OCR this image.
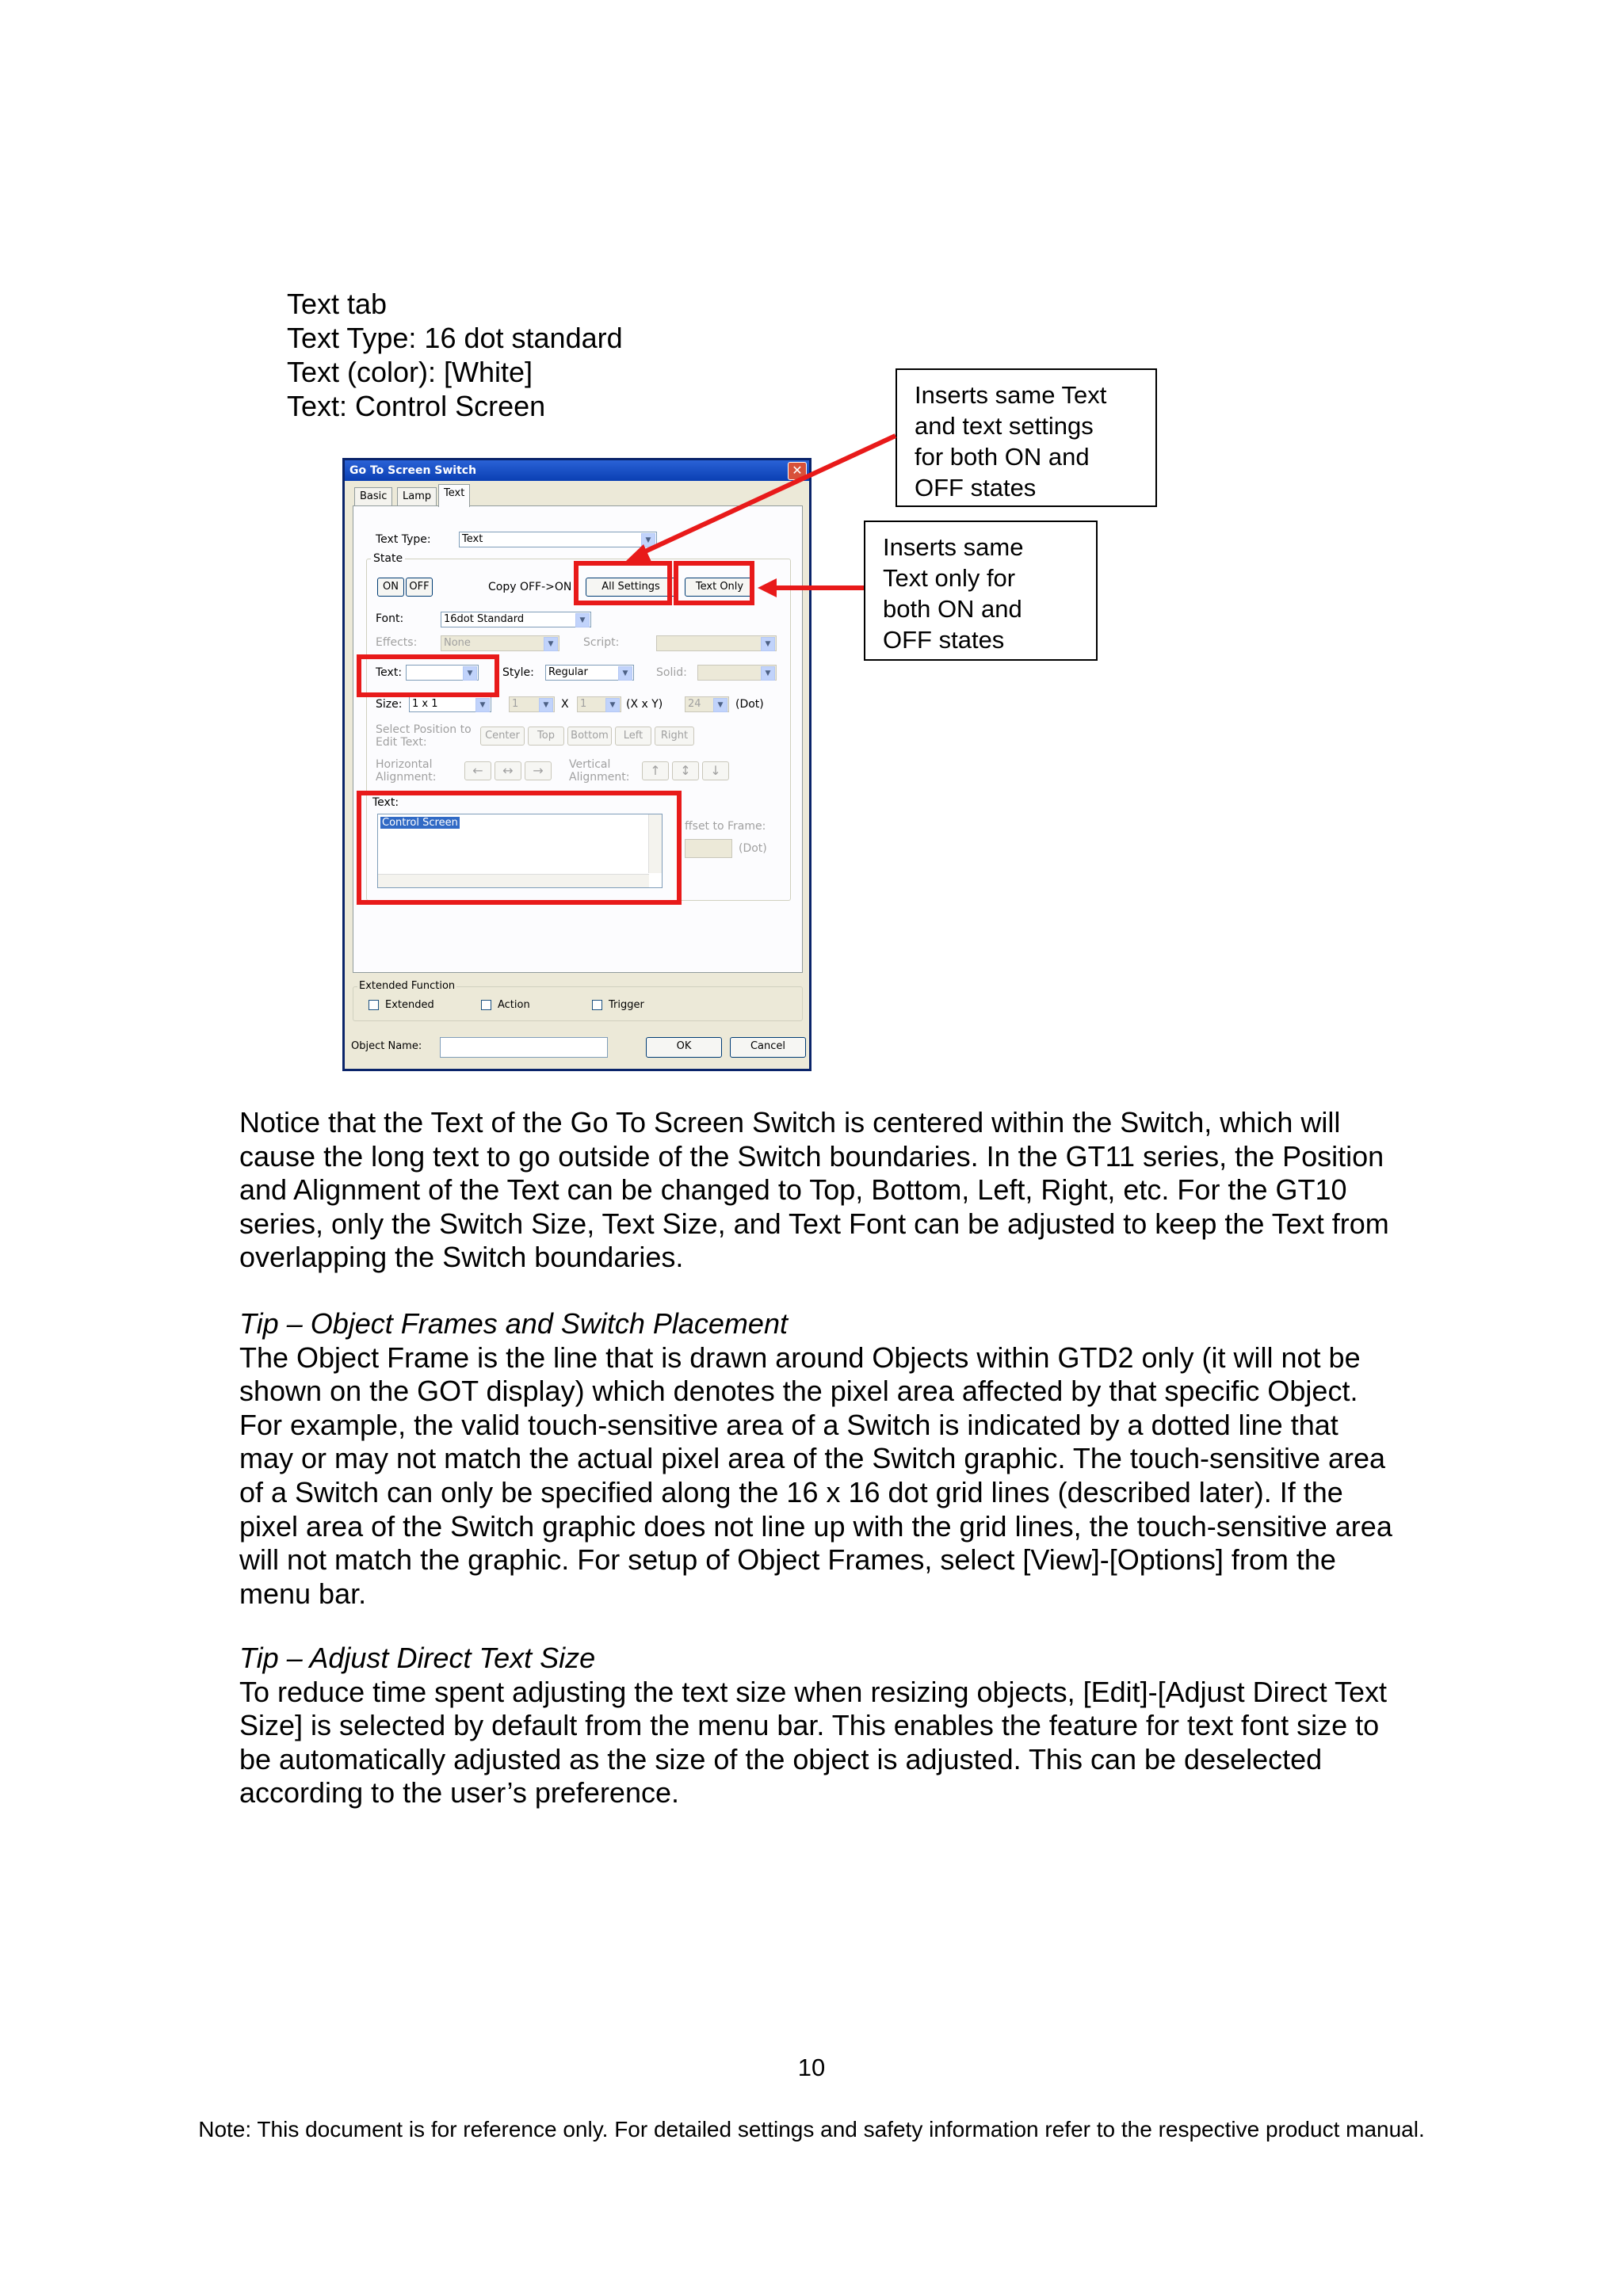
Text tab
Text Type: 16 dot standard
Text (color): [White]
Text: Control Screen	Inserts same Text
and text settings
for both ON and
OFF states
Inserts same
Text only for
both ON and
OFF states
Go To Screen Switch	✕
Basic	Lamp	Text
Text Type:	Text	▼
State
ON	OFF	Copy OFF->ON	All Settings	Text Only
Font:	16dot Standard	▼
Effects:	None	▼	Script:	▼
Text:	▼	Style:	Regular	▼	Solid:	▼
Size: 1 x 1	▼	1	▼	X	1	▼ (X x Y)	24	▼	(Dot)
Select Position to
Edit Text:
Center	Top	Bottom	Left	Right
Horizontal
Alignment:	←	↔	→	Vertical
Alignment:	↑	↕	↓
Text:
Control Screen	ffset to Frame:
(Dot)
Extended Function
Extended	Action	Trigger
Object Name:	OK	Cancel

Notice that the Text of the Go To Screen Switch is centered within the Switch, which will cause the long text to go outside of the Switch boundaries. In the GT11 series, the Position and Alignment of the Text can be changed to Top, Bottom, Left, Right, etc. For the GT10 series, only the Switch Size, Text Size, and Text Font can be adjusted to keep the Text from overlapping the Switch boundaries.

Tip – Object Frames and Switch Placement

The Object Frame is the line that is drawn around Objects within GTD2 only (it will not be shown on the GOT display) which denotes the pixel area affected by that specific Object. For example, the valid touch-sensitive area of a Switch is indicated by a dotted line that may or may not match the actual pixel area of the Switch graphic. The touch-sensitive area of a Switch can only be specified along the 16 x 16 dot grid lines (described later). If the pixel area of the Switch graphic does not line up with the grid lines, the touch-sensitive area will not match the graphic. For setup of Object Frames, select [View]-[Options] from the menu bar.

Tip – Adjust Direct Text Size

To reduce time spent adjusting the text size when resizing objects, [Edit]-[Adjust Direct Text Size] is selected by default from the menu bar. This enables the feature for text font size to be automatically adjusted as the size of the object is adjusted. This can be deselected according to the user’s preference.

10
Note: This document is for reference only. For detailed settings and safety information refer to the respective product manual.
